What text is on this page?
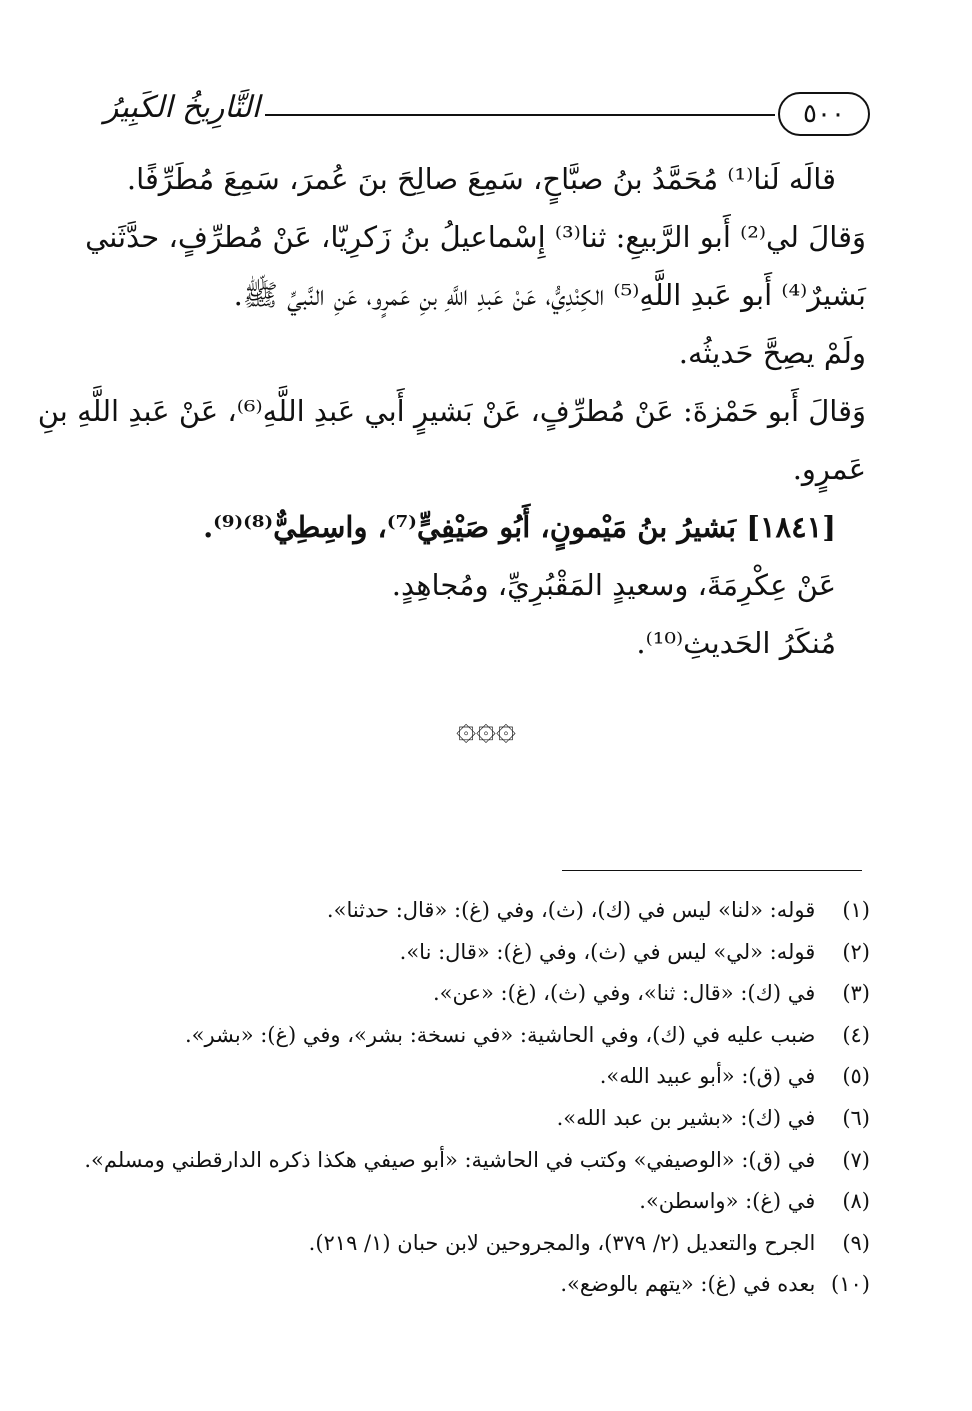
٥٠٠
التَّارِيخُ الكَبِيرُ
قالَه لَنا⁽¹⁾ مُحَمَّدُ بنُ صبَّاحٍ، سَمِعَ صالِحَ بنَ عُمرَ، سَمِعَ مُطَرِّفًا.
وَقالَ لي⁽²⁾ أَبو الرَّبيعِ: ثنا⁽³⁾ إِسْماعيلُ بنُ زَكرِيّا، عَنْ مُطرِّفٍ، حدَّثَني
بَشيرٌ⁽⁴⁾ أَبو عَبدِ اللَّهِ⁽⁵⁾ الكِنْدِيُّ، عَنْ عَبدِ اللَّهِ بنِ عَمرٍو، عَنِ النَّبيِّ ﷺ.
ولَمْ يصِحَّ حَديثُه.
وَقالَ أَبو حَمْزةَ: عَنْ مُطرِّفٍ، عَنْ بَشيرٍ أَبي عَبدِ اللَّهِ⁽⁶⁾، عَنْ عَبدِ اللَّهِ بنِ
عَمرٍو.
[١٨٤١] بَشيرُ بنُ مَيْمونٍ، أَبُو صَيْفِيٍّ⁽⁷⁾، واسِطِيٌّ⁽⁸⁾⁽⁹⁾.
عَنْ عِكْرِمَةَ، وسعيدٍ المَقْبُرِيِّ، ومُجاهِدٍ.
مُنكَرُ الحَديثِ⁽¹⁰⁾.
۞۞۞
(١) قوله: «لنا» ليس في (ك)، (ث)، وفي (غ): «قال: حدثنا».
(٢) قوله: «لي» ليس في (ث)، وفي (غ): «قال: نا».
(٣) في (ك): «قال: ثنا»، وفي (ث)، (غ): «عن».
(٤) ضبب عليه في (ك)، وفي الحاشية: «في نسخة: بشر»، وفي (غ): «بشر».
(٥) في (ق): «أبو عبيد الله».
(٦) في (ك): «بشير بن عبد الله».
(٧) في (ق): «الوصيفي» وكتب في الحاشية: «أبو صيفي هكذا ذكره الدارقطني ومسلم».
(٨) في (غ): «واسطن».
(٩) الجرح والتعديل (٢/ ٣٧٩)، والمجروحين لابن حبان (١/ ٢١٩).
(١٠) بعده في (غ): «يتهم بالوضع».
